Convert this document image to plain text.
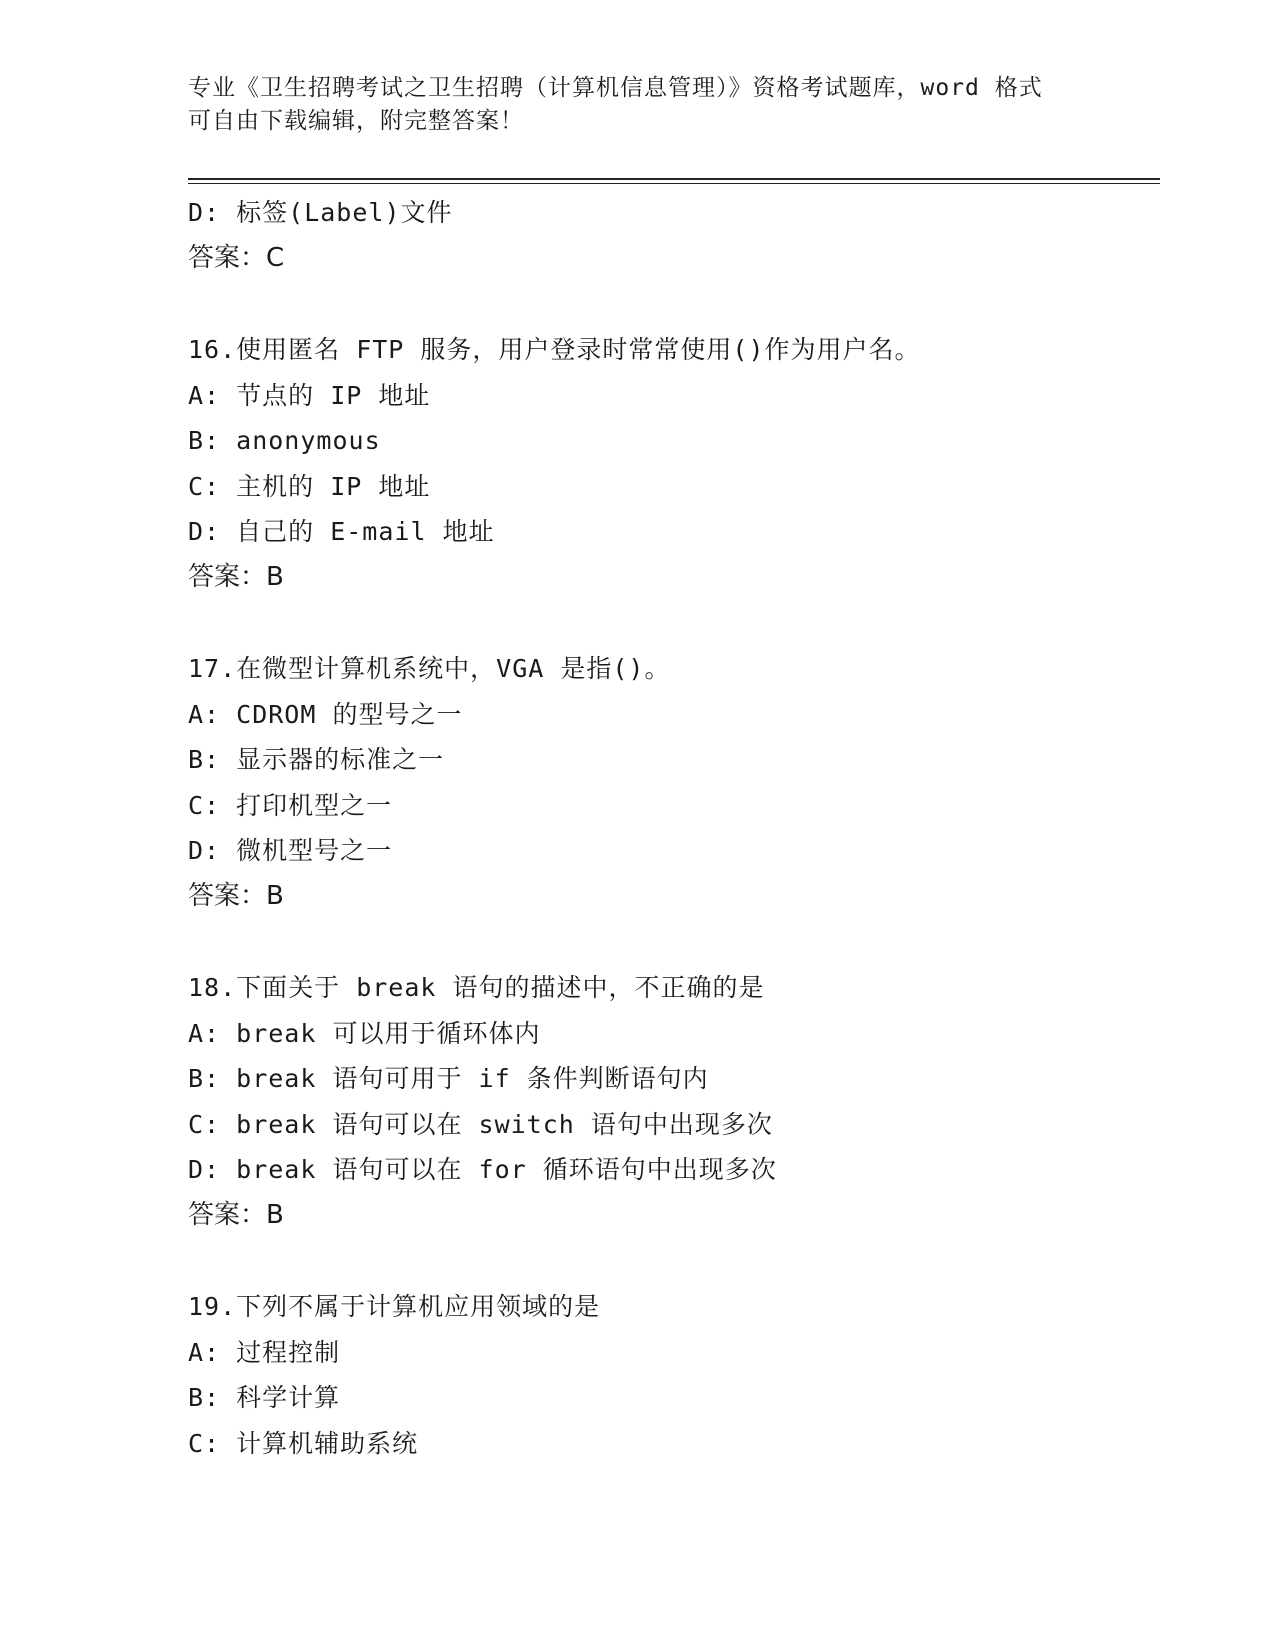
专业《卫生招聘考试之卫生招聘（计算机信息管理）》资格考试题库，word 格式
可自由下载编辑，附完整答案！
D: 标签(Label)文件
答案：C
16.使用匿名 FTP 服务，用户登录时常常使用()作为用户名。
A: 节点的 IP 地址
B: anonymous
C: 主机的 IP 地址
D: 自己的 E-mail 地址
答案：B
17.在微型计算机系统中，VGA 是指()。
A: CDROM 的型号之一
B: 显示器的标准之一
C: 打印机型之一
D: 微机型号之一
答案：B
18.下面关于 break 语句的描述中，不正确的是
A: break 可以用于循环体内
B: break 语句可用于 if 条件判断语句内
C: break 语句可以在 switch 语句中出现多次
D: break 语句可以在 for 循环语句中出现多次
答案：B
19.下列不属于计算机应用领域的是
A: 过程控制
B: 科学计算
C: 计算机辅助系统
